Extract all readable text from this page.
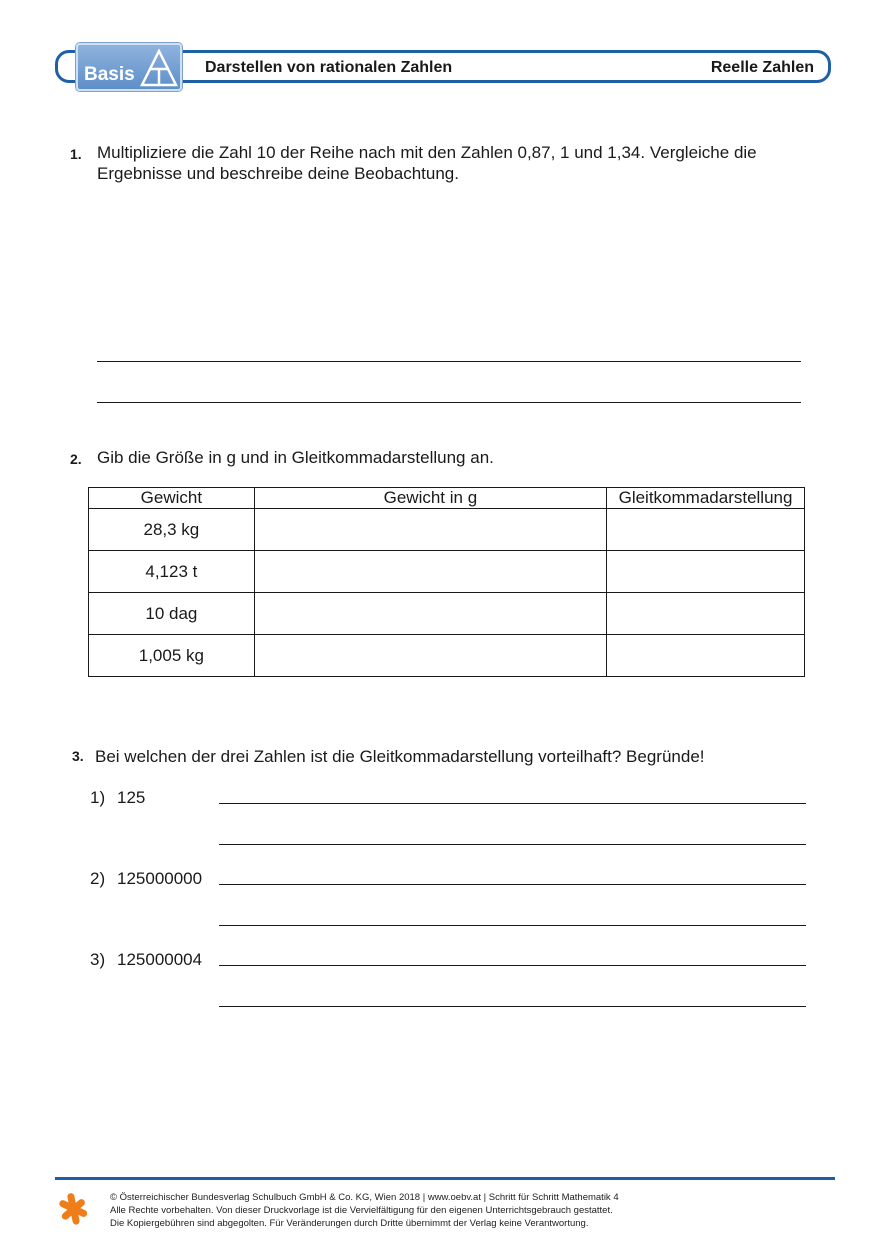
Basis	Darstellen von rationalen Zahlen	Reelle Zahlen
1. Multipliziere die Zahl 10 der Reihe nach mit den Zahlen 0,87, 1 und 1,34. Vergleiche die
Ergebnisse und beschreibe deine Beobachtung.
2. Gib die Größe in g und in Gleitkommadarstellung an.
Gewicht	Gewicht in g	Gleitkommadarstellung
28,3 kg		
4,123 t		
10 dag		
1,005 kg		
3. Bei welchen der drei Zahlen ist die Gleitkommadarstellung vorteilhaft? Begründe!
1) 125
2) 125000000
3) 125000004
© Österreichischer Bundesverlag Schulbuch GmbH & Co. KG, Wien 2018 | www.oebv.at | Schritt für Schritt Mathematik 4
Alle Rechte vorbehalten. Von dieser Druckvorlage ist die Vervielfältigung für den eigenen Unterrichtsgebrauch gestattet.
Die Kopiergebühren sind abgegolten. Für Veränderungen durch Dritte übernimmt der Verlag keine Verantwortung.
